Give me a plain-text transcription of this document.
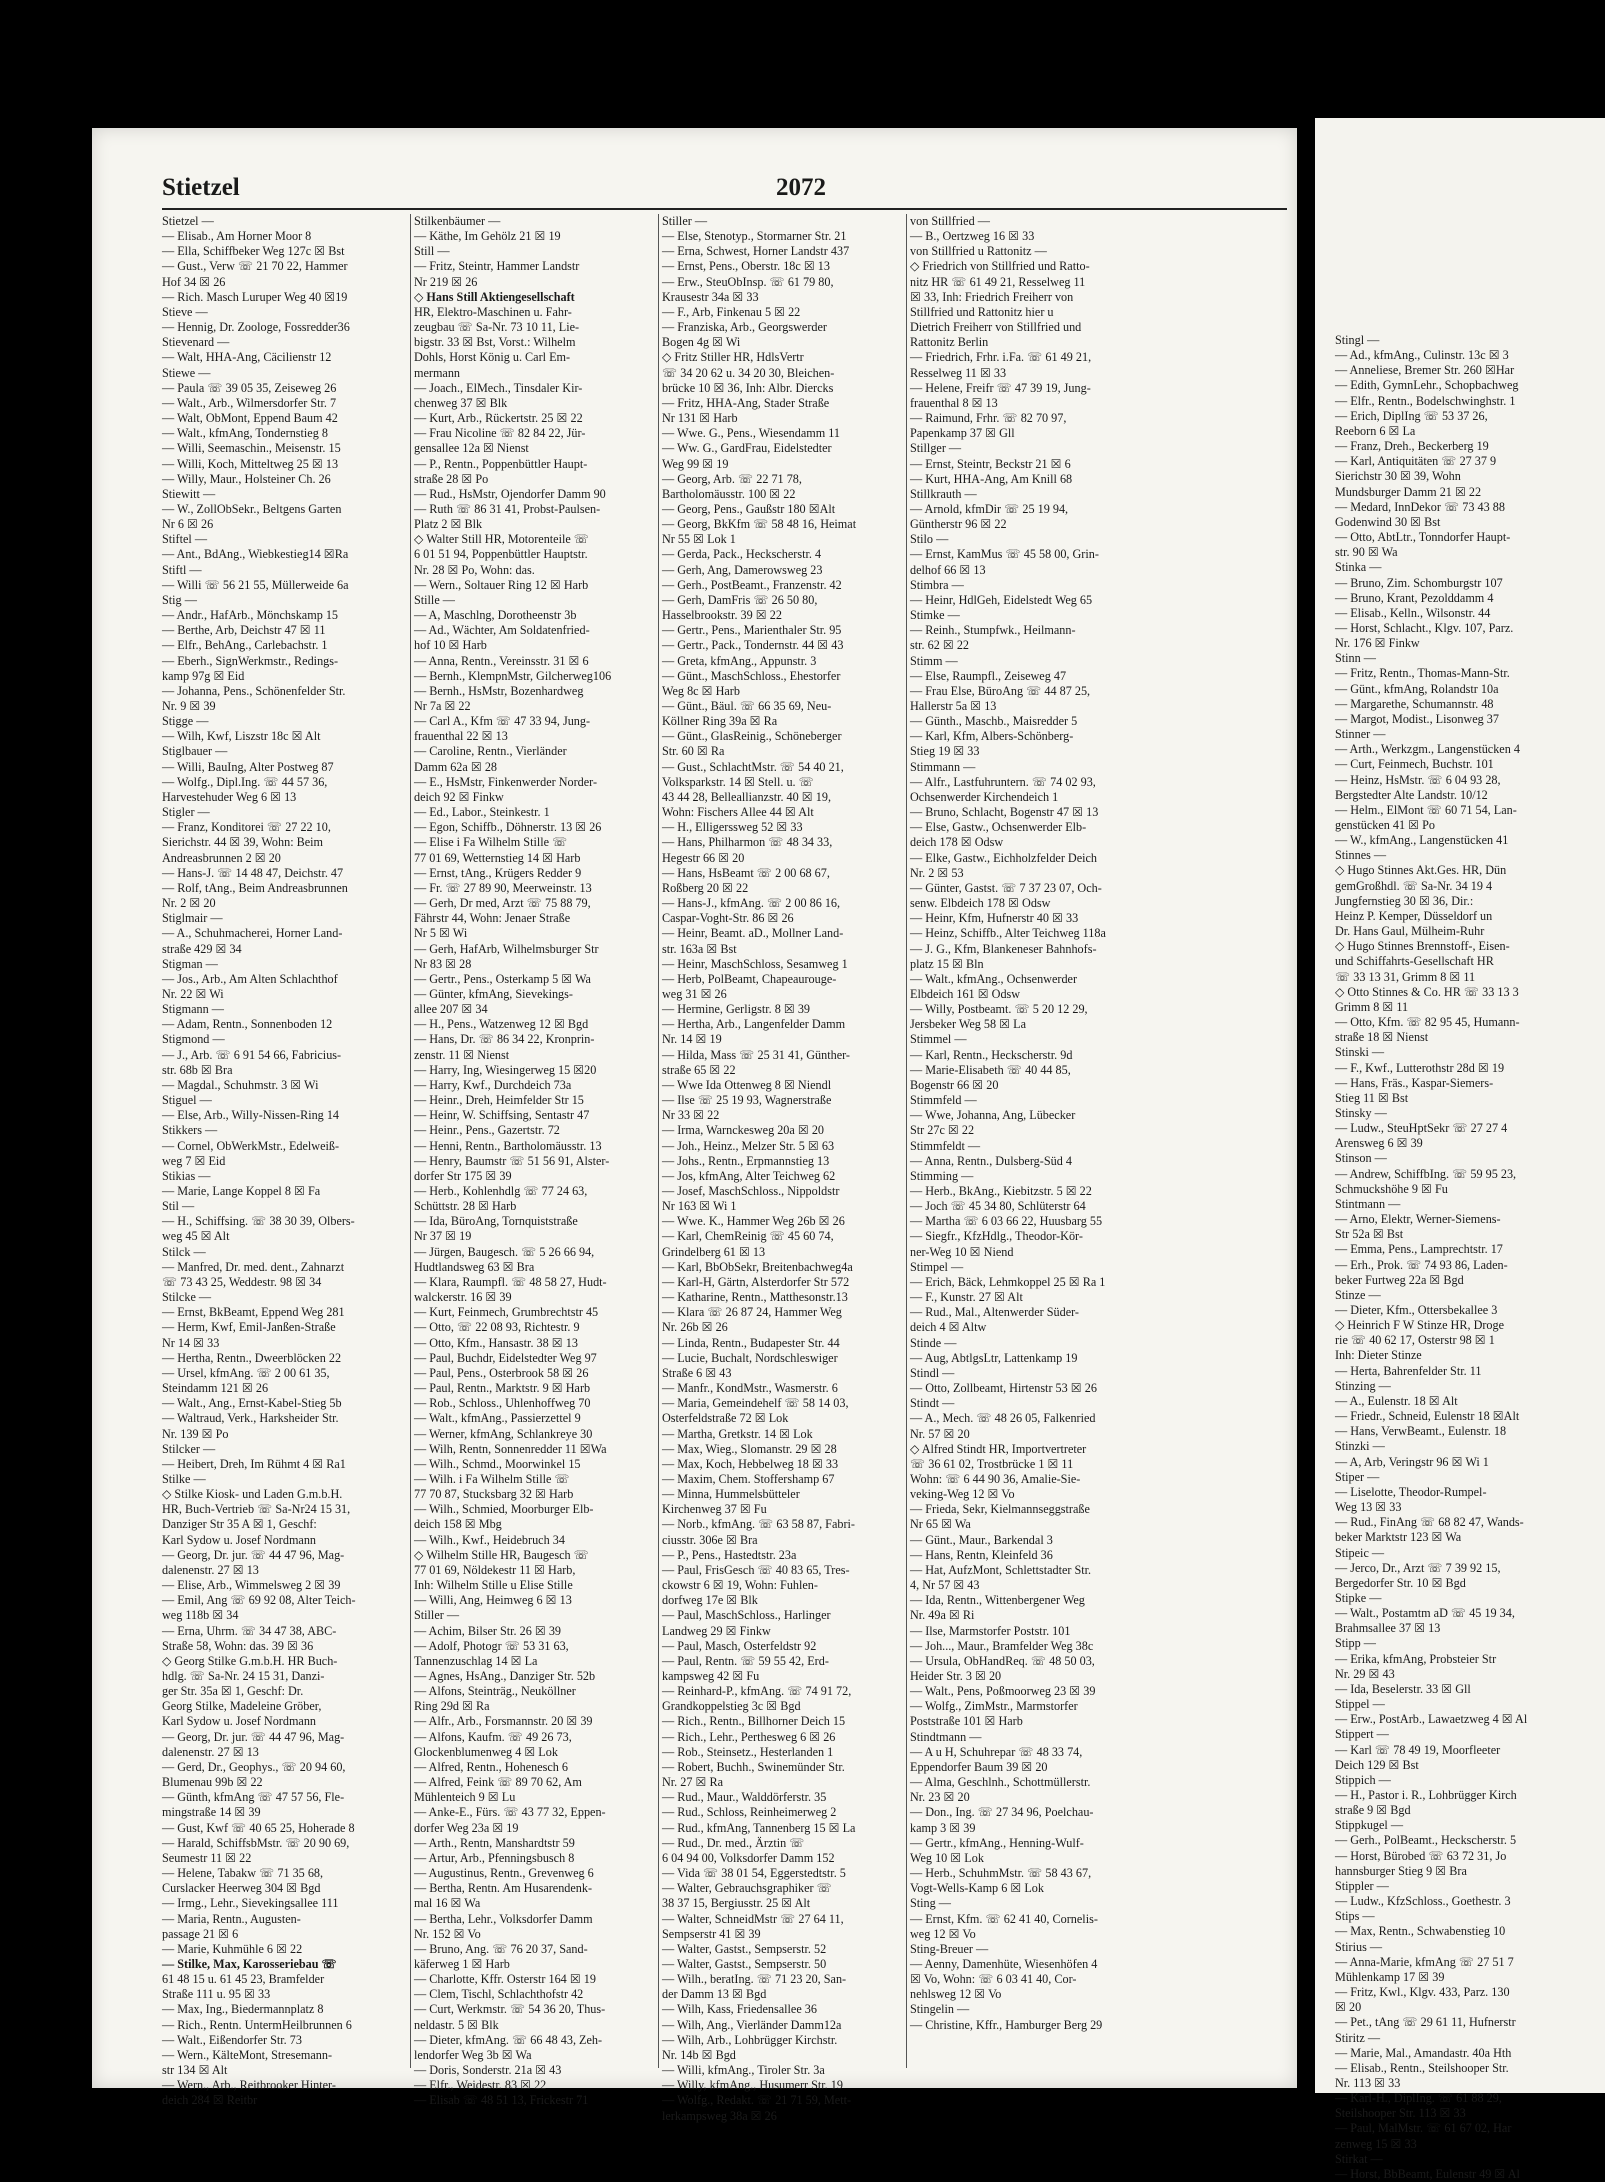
Stietzel	2072
Stietzel —
— Elisab., Am Horner Moor 8
— Ella, Schiffbeker Weg 127c ☒ Bst
— Gust., Verw ☏ 21 70 22, Hammer
Hof 34 ☒ 26
— Rich. Masch Luruper Weg 40 ☒19
Stieve —
— Hennig, Dr. Zoologe, Fossredder36
Stievenard —
— Walt, HHA-Ang, Cäcilienstr 12
Stiewe —
— Paula ☏ 39 05 35, Zeiseweg 26
— Walt., Arb., Wilmersdorfer Str. 7
— Walt, ObMont, Eppend Baum 42
— Walt., kfmAng, Tondernstieg 8
— Willi, Seemaschin., Meisenstr. 15
— Willi, Koch, Mitteltweg 25 ☒ 13
— Willy, Maur., Holsteiner Ch. 26
Stiewitt —
— W., ZollObSekr., Beltgens Garten
Nr 6 ☒ 26
Stiftel —
— Ant., BdAng., Wiebkestieg14 ☒Ra
Stiftl —
— Willi ☏ 56 21 55, Müllerweide 6a
Stig —
— Andr., HafArb., Mönchskamp 15
— Berthe, Arb, Deichstr 47 ☒ 11
— Elfr., BehAng., Carlebachstr. 1
— Eberh., SignWerkmstr., Redings-
kamp 97g ☒ Eid
— Johanna, Pens., Schönenfelder Str.
Nr. 9 ☒ 39
Stigge —
— Wilh, Kwf, Liszstr 18c ☒ Alt
Stiglbauer —
— Willi, BauIng, Alter Postweg 87
— Wolfg., Dipl.Ing. ☏ 44 57 36,
Harvestehuder Weg 6 ☒ 13
Stigler —
— Franz, Konditorei ☏ 27 22 10,
Sierichstr. 44 ☒ 39, Wohn: Beim
Andreasbrunnen 2 ☒ 20
— Hans-J. ☏ 14 48 47, Deichstr. 47
— Rolf, tAng., Beim Andreasbrunnen
Nr. 2 ☒ 20
Stiglmair —
— A., Schuhmacherei, Horner Land-
straße 429 ☒ 34
Stigman —
— Jos., Arb., Am Alten Schlachthof
Nr. 22 ☒ Wi
Stigmann —
— Adam, Rentn., Sonnenboden 12
Stigmond —
— J., Arb. ☏ 6 91 54 66, Fabricius-
str. 68b ☒ Bra
— Magdal., Schuhmstr. 3 ☒ Wi
Stiguel —
— Else, Arb., Willy-Nissen-Ring 14
Stikkers —
— Cornel, ObWerkMstr., Edelweiß-
weg 7 ☒ Eid
Stikias —
— Marie, Lange Koppel 8 ☒ Fa
Stil —
— H., Schiffsing. ☏ 38 30 39, Olbers-
weg 45 ☒ Alt
Stilck —
— Manfred, Dr. med. dent., Zahnarzt
☏ 73 43 25, Weddestr. 98 ☒ 34
Stilcke —
— Ernst, BkBeamt, Eppend Weg 281
— Herm, Kwf, Emil-Janßen-Straße
Nr 14 ☒ 33
— Hertha, Rentn., Dweerblöcken 22
— Ursel, kfmAng. ☏ 2 00 61 35,
Steindamm 121 ☒ 26
— Walt., Ang., Ernst-Kabel-Stieg 5b
— Waltraud, Verk., Harksheider Str.
Nr. 139 ☒ Po
Stilcker —
— Heibert, Dreh, Im Rühmt 4 ☒ Ra1
Stilke —
◇ Stilke Kiosk- und Laden G.m.b.H.
HR, Buch-Vertrieb ☏ Sa-Nr24 15 31,
Danziger Str 35 A ☒ 1, Geschf:
Karl Sydow u. Josef Nordmann
— Georg, Dr. jur. ☏ 44 47 96, Mag-
dalenenstr. 27 ☒ 13
— Elise, Arb., Wimmelsweg 2 ☒ 39
— Emil, Ang ☏ 69 92 08, Alter Teich-
weg 118b ☒ 34
— Erna, Uhrm. ☏ 34 47 38, ABC-
Straße 58, Wohn: das. 39 ☒ 36
◇ Georg Stilke G.m.b.H. HR Buch-
hdlg. ☏ Sa-Nr. 24 15 31, Danzi-
ger Str. 35a ☒ 1, Geschf: Dr.
Georg Stilke, Madeleine Gröber,
Karl Sydow u. Josef Nordmann
— Georg, Dr. jur. ☏ 44 47 96, Mag-
dalenenstr. 27 ☒ 13
— Gerd, Dr., Geophys., ☏ 20 94 60,
Blumenau 99b ☒ 22
— Günth, kfmAng ☏ 47 57 56, Fle-
mingstraße 14 ☒ 39
— Gust, Kwf ☏ 40 65 25, Hoherade 8
— Harald, SchiffsbMstr. ☏ 20 90 69,
Seumestr 11 ☒ 22
— Helene, Tabakw ☏ 71 35 68,
Curslacker Heerweg 304 ☒ Bgd
— Irmg., Lehr., Sievekingsallee 111
— Maria, Rentn., Augusten-
passage 21 ☒ 6
— Marie, Kuhmühle 6 ☒ 22
— Stilke, Max, Karosseriebau ☏
61 48 15 u. 61 45 23, Bramfelder
Straße 111 u. 95 ☒ 33
— Max, Ing., Biedermannplatz 8
— Rich., Rentn. UntermHeilbrunnen 6
— Walt., Eißendorfer Str. 73
— Wern., KälteMont, Stresemann-
str 134 ☒ Alt
— Wern., Arb., Reitbrooker Hinter-
deich 284 ☒ Reitbr
Stilkenbäumer —
— Käthe, Im Gehölz 21 ☒ 19
Still —
— Fritz, Steintr, Hammer Landstr
Nr 219 ☒ 26
◇ Hans Still Aktiengesellschaft
HR, Elektro-Maschinen u. Fahr-
zeugbau ☏ Sa-Nr. 73 10 11, Lie-
bigstr. 33 ☒ Bst, Vorst.: Wilhelm
Dohls, Horst König u. Carl Em-
mermann
— Joach., ElMech., Tinsdaler Kir-
chenweg 37 ☒ Blk
— Kurt, Arb., Rückertstr. 25 ☒ 22
— Frau Nicoline ☏ 82 84 22, Jür-
gensallee 12a ☒ Nienst
— P., Rentn., Poppenbüttler Haupt-
straße 28 ☒ Po
— Rud., HsMstr, Ojendorfer Damm 90
— Ruth ☏ 86 31 41, Probst-Paulsen-
Platz 2 ☒ Blk
◇ Walter Still HR, Motorenteile ☏
6 01 51 94, Poppenbüttler Hauptstr.
Nr. 28 ☒ Po, Wohn: das.
— Wern., Soltauer Ring 12 ☒ Harb
Stille —
— A, Maschlng, Dorotheenstr 3b
— Ad., Wächter, Am Soldatenfried-
hof 10 ☒ Harb
— Anna, Rentn., Vereinsstr. 31 ☒ 6
— Bernh., KlempnMstr, Gilcherweg106
— Bernh., HsMstr, Bozenhardweg
Nr 7a ☒ 22
— Carl A., Kfm ☏ 47 33 94, Jung-
frauenthal 22 ☒ 13
— Caroline, Rentn., Vierländer
Damm 62a ☒ 28
— E., HsMstr, Finkenwerder Norder-
deich 92 ☒ Finkw
— Ed., Labor., Steinkestr. 1
— Egon, Schiffb., Döhnerstr. 13 ☒ 26
— Elise i Fa Wilhelm Stille ☏
77 01 69, Wetternstieg 14 ☒ Harb
— Ernst, tAng., Krügers Redder 9
— Fr. ☏ 27 89 90, Meerweinstr. 13
— Gerh, Dr med, Arzt ☏ 75 88 79,
Fährstr 44, Wohn: Jenaer Straße
Nr 5 ☒ Wi
— Gerh, HafArb, Wilhelmsburger Str
Nr 83 ☒ 28
— Gertr., Pens., Osterkamp 5 ☒ Wa
— Günter, kfmAng, Sievekings-
allee 207 ☒ 34
— H., Pens., Watzenweg 12 ☒ Bgd
— Hans, Dr. ☏ 86 34 22, Kronprin-
zenstr. 11 ☒ Nienst
— Harry, Ing, Wiesingerweg 15 ☒20
— Harry, Kwf., Durchdeich 73a
— Heinr., Dreh, Heimfelder Str 15
— Heinr, W. Schiffsing, Sentastr 47
— Heinr., Pens., Gazertstr. 72
— Henni, Rentn., Bartholomäusstr. 13
— Henry, Baumstr ☏ 51 56 91, Alster-
dorfer Str 175 ☒ 39
— Herb., Kohlenhdlg ☏ 77 24 63,
Schüttstr. 28 ☒ Harb
— Ida, BüroAng, Tornquiststraße
Nr 37 ☒ 19
— Jürgen, Baugesch. ☏ 5 26 66 94,
Hudtlandsweg 63 ☒ Bra
— Klara, Raumpfl. ☏ 48 58 27, Hudt-
walckerstr. 16 ☒ 39
— Kurt, Feinmech, Grumbrechtstr 45
— Otto, ☏ 22 08 93, Richtestr. 9
— Otto, Kfm., Hansastr. 38 ☒ 13
— Paul, Buchdr, Eidelstedter Weg 97
— Paul, Pens., Osterbrook 58 ☒ 26
— Paul, Rentn., Marktstr. 9 ☒ Harb
— Rob., Schloss., Uhlenhoffweg 70
— Walt., kfmAng., Passierzettel 9
— Werner, kfmAng, Schlankreye 30
— Wilh, Rentn, Sonnenredder 11 ☒Wa
— Wilh., Schmd., Moorwinkel 15
— Wilh. i Fa Wilhelm Stille ☏
77 70 87, Stucksbarg 32 ☒ Harb
— Wilh., Schmied, Moorburger Elb-
deich 158 ☒ Mbg
— Wilh., Kwf., Heidebruch 34
◇ Wilhelm Stille HR, Baugesch ☏
77 01 69, Nöldekestr 11 ☒ Harb,
Inh: Wilhelm Stille u Elise Stille
— Willi, Ang, Heimweg 6 ☒ 13
Stiller —
— Achim, Bilser Str. 26 ☒ 39
— Adolf, Photogr ☏ 53 31 63,
Tannenzuschlag 14 ☒ La
— Agnes, HsAng., Danziger Str. 52b
— Alfons, Steinträg., Neuköllner
Ring 29d ☒ Ra
— Alfr., Arb., Forsmannstr. 20 ☒ 39
— Alfons, Kaufm. ☏ 49 26 73,
Glockenblumenweg 4 ☒ Lok
— Alfred, Rentn., Hohenesch 6
— Alfred, Feink ☏ 89 70 62, Am
Mühlenteich 9 ☒ Lu
— Anke-E., Fürs. ☏ 43 77 32, Eppen-
dorfer Weg 23a ☒ 19
— Arth., Rentn, Manshardtstr 59
— Artur, Arb., Pfenningsbusch 8
— Augustinus, Rentn., Grevenweg 6
— Bertha, Rentn. Am Husarendenk-
mal 16 ☒ Wa
— Bertha, Lehr., Volksdorfer Damm
Nr. 152 ☒ Vo
— Bruno, Ang. ☏ 76 20 37, Sand-
käferweg 1 ☒ Harb
— Charlotte, Kffr. Osterstr 164 ☒ 19
— Clem, Tischl, Schlachthofstr 42
— Curt, Werkmstr. ☏ 54 36 20, Thus-
neldastr. 5 ☒ Blk
— Dieter, kfmAng. ☏ 66 48 43, Zeh-
lendorfer Weg 3b ☒ Wa
— Doris, Sonderstr. 21a ☒ 43
— Elfr., Weidestr. 83 ☒ 22
— Elisab ☏ 48 51 13, Frickestr 71
Stiller —
— Else, Stenotyp., Stormarner Str. 21
— Erna, Schwest, Horner Landstr 437
— Ernst, Pens., Oberstr. 18c ☒ 13
— Erw., SteuObInsp. ☏ 61 79 80,
Krausestr 34a ☒ 33
— F., Arb, Finkenau 5 ☒ 22
— Franziska, Arb., Georgswerder
Bogen 4g ☒ Wi
◇ Fritz Stiller HR, HdlsVertr
☏ 34 20 62 u. 34 20 30, Bleichen-
brücke 10 ☒ 36, Inh: Albr. Diercks
— Fritz, HHA-Ang, Stader Straße
Nr 131 ☒ Harb
— Wwe. G., Pens., Wiesendamm 11
— Ww. G., GardFrau, Eidelstedter
Weg 99 ☒ 19
— Georg, Arb. ☏ 22 71 78,
Bartholomäusstr. 100 ☒ 22
— Georg, Pens., Gaußstr 180 ☒Alt
— Georg, BkKfm ☏ 58 48 16, Heimat
Nr 55 ☒ Lok 1
— Gerda, Pack., Heckscherstr. 4
— Gerh, Ang, Damerowsweg 23
— Gerh., PostBeamt., Franzenstr. 42
— Gerh, DamFris ☏ 26 50 80,
Hasselbrookstr. 39 ☒ 22
— Gertr., Pens., Marienthaler Str. 95
— Gertr., Pack., Tondernstr. 44 ☒ 43
— Greta, kfmAng., Appunstr. 3
— Günt., MaschSchloss., Ehestorfer
Weg 8c ☒ Harb
— Günt., Bäul. ☏ 66 35 69, Neu-
Köllner Ring 39a ☒ Ra
— Günt., GlasReinig., Schöneberger
Str. 60 ☒ Ra
— Gust., SchlachtMstr. ☏ 54 40 21,
Volksparkstr. 14 ☒ Stell. u. ☏
43 44 28, Belleallianzstr. 40 ☒ 19,
Wohn: Fischers Allee 44 ☒ Alt
— H., Elligerssweg 52 ☒ 33
— Hans, Philharmon ☏ 48 34 33,
Hegestr 66 ☒ 20
— Hans, HsBeamt ☏ 2 00 68 67,
Roßberg 20 ☒ 22
— Hans-J., kfmAng. ☏ 2 00 86 16,
Caspar-Voght-Str. 86 ☒ 26
— Heinr, Beamt. aD., Mollner Land-
str. 163a ☒ Bst
— Heinr, MaschSchloss, Sesamweg 1
— Herb, PolBeamt, Chapeaurouge-
weg 31 ☒ 26
— Hermine, Gerligstr. 8 ☒ 39
— Hertha, Arb., Langenfelder Damm
Nr. 14 ☒ 19
— Hilda, Mass ☏ 25 31 41, Günther-
straße 65 ☒ 22
— Wwe Ida Ottenweg 8 ☒ Niendl
— Ilse ☏ 25 19 93, Wagnerstraße
Nr 33 ☒ 22
— Irma, Warnckesweg 20a ☒ 20
— Joh., Heinz., Melzer Str. 5 ☒ 63
— Johs., Rentn., Erpmannstieg 13
— Jos, kfmAng, Alter Teichweg 62
— Josef, MaschSchloss., Nippoldstr
Nr 163 ☒ Wi 1
— Wwe. K., Hammer Weg 26b ☒ 26
— Karl, ChemReinig ☏ 45 60 74,
Grindelberg 61 ☒ 13
— Karl, BbObSekr, Breitenbachweg4a
— Karl-H, Gärtn, Alsterdorfer Str 572
— Katharine, Rentn., Matthesonstr.13
— Klara ☏ 26 87 24, Hammer Weg
Nr. 26b ☒ 26
— Linda, Rentn., Budapester Str. 44
— Lucie, Buchalt, Nordschleswiger
Straße 6 ☒ 43
— Manfr., KondMstr., Wasmerstr. 6
— Maria, Gemeindehelf ☏ 58 14 03,
Osterfeldstraße 72 ☒ Lok
— Martha, Gretkstr. 14 ☒ Lok
— Max, Wieg., Slomanstr. 29 ☒ 28
— Max, Koch, Hebbelweg 18 ☒ 33
— Maxim, Chem. Stoffershamp 67
— Minna, Hummelsbütteler
Kirchenweg 37 ☒ Fu
— Norb., kfmAng. ☏ 63 58 87, Fabri-
ciusstr. 306e ☒ Bra
— P., Pens., Hastedtstr. 23a
— Paul, FrisGesch ☏ 40 83 65, Tres-
ckowstr 6 ☒ 19, Wohn: Fuhlen-
dorfweg 17e ☒ Blk
— Paul, MaschSchloss., Harlinger
Landweg 29 ☒ Finkw
— Paul, Masch, Osterfeldstr 92
— Paul, Rentn. ☏ 59 55 42, Erd-
kampsweg 42 ☒ Fu
— Reinhard-P., kfmAng. ☏ 74 91 72,
Grandkoppelstieg 3c ☒ Bgd
— Rich., Rentn., Billhorner Deich 15
— Rich., Lehr., Perthesweg 6 ☒ 26
— Rob., Steinsetz., Hesterlanden 1
— Robert, Buchh., Swinemünder Str.
Nr. 27 ☒ Ra
— Rud., Maur., Walddörferstr. 35
— Rud., Schloss, Reinheimerweg 2
— Rud., kfmAng, Tannenberg 15 ☒ La
— Rud., Dr. med., Ärztin ☏
6 04 94 00, Volksdorfer Damm 152
— Vida ☏ 38 01 54, Eggerstedtstr. 5
— Walter, Gebrauchsgraphiker ☏
38 37 15, Bergiusstr. 25 ☒ Alt
— Walter, SchneidMstr ☏ 27 64 11,
Sempserstr 41 ☒ 39
— Walter, Gastst., Sempserstr. 52
— Walter, Gastst., Sempserstr. 50
— Wilh., beratIng. ☏ 71 23 20, San-
der Damm 13 ☒ Bgd
— Wilh, Kass, Friedensallee 36
— Wilh, Ang., Vierländer Damm12a
— Wilh, Arb., Lohbrügger Kirchstr.
Nr. 14b ☒ Bgd
— Willi, kfmAng., Tiroler Str. 3a
— Willy, kfmAng., Husumerr Str. 19
— Wolfg., Redakt. ☏ 21 71 59, Mett-
lerkampsweg 38a ☒ 26
von Stillfried —
— B., Oertzweg 16 ☒ 33
von Stillfried u Rattonitz —
◇ Friedrich von Stillfried und Ratto-
nitz HR ☏ 61 49 21, Resselweg 11
☒ 33, Inh: Friedrich Freiherr von
Stillfried und Rattonitz hier u
Dietrich Freiherr von Stillfried und
Rattonitz Berlin
— Friedrich, Frhr. i.Fa. ☏ 61 49 21,
Resselweg 11 ☒ 33
— Helene, Freifr ☏ 47 39 19, Jung-
frauenthal 8 ☒ 13
— Raimund, Frhr. ☏ 82 70 97,
Papenkamp 37 ☒ Gll
Stillger —
— Ernst, Steintr, Beckstr 21 ☒ 6
— Kurt, HHA-Ang, Am Knill 68
Stillkrauth —
— Arnold, kfmDir ☏ 25 19 94,
Güntherstr 96 ☒ 22
Stilo —
— Ernst, KamMus ☏ 45 58 00, Grin-
delhof 66 ☒ 13
Stimbra —
— Heinr, HdlGeh, Eidelstedt Weg 65
Stimke —
— Reinh., Stumpfwk., Heilmann-
str. 62 ☒ 22
Stimm —
— Else, Raumpfl., Zeiseweg 47
— Frau Else, BüroAng ☏ 44 87 25,
Hallerstr 5a ☒ 13
— Günth., Maschb., Maisredder 5
— Karl, Kfm, Albers-Schönberg-
Stieg 19 ☒ 33
Stimmann —
— Alfr., Lastfuhruntern. ☏ 74 02 93,
Ochsenwerder Kirchendeich 1
— Bruno, Schlacht, Bogenstr 47 ☒ 13
— Else, Gastw., Ochsenwerder Elb-
deich 178 ☒ Odsw
— Elke, Gastw., Eichholzfelder Deich
Nr. 2 ☒ 53
— Günter, Gastst. ☏ 7 37 23 07, Och-
senw. Elbdeich 178 ☒ Odsw
— Heinr, Kfm, Hufnerstr 40 ☒ 33
— Heinz, Schiffb., Alter Teichweg 118a
— J. G., Kfm, Blankeneser Bahnhofs-
platz 15 ☒ Bln
— Walt., kfmAng., Ochsenwerder
Elbdeich 161 ☒ Odsw
— Willy, Postbeamt. ☏ 5 20 12 29,
Jersbeker Weg 58 ☒ La
Stimmel —
— Karl, Rentn., Heckscherstr. 9d
— Marie-Elisabeth ☏ 40 44 85,
Bogenstr 66 ☒ 20
Stimmfeld —
— Wwe, Johanna, Ang, Lübecker
Str 27c ☒ 22
Stimmfeldt —
— Anna, Rentn., Dulsberg-Süd 4
Stimming —
— Herb., BkAng., Kiebitzstr. 5 ☒ 22
— Joch ☏ 45 34 80, Schlüterstr 64
— Martha ☏ 6 03 66 22, Huusbarg 55
— Siegfr., KfzHdlg., Theodor-Kör-
ner-Weg 10 ☒ Niend
Stimpel —
— Erich, Bäck, Lehmkoppel 25 ☒ Ra 1
— F., Kunstr. 27 ☒ Alt
— Rud., Mal., Altenwerder Süder-
deich 4 ☒ Altw
Stinde —
— Aug, AbtlgsLtr, Lattenkamp 19
Stindl —
— Otto, Zollbeamt, Hirtenstr 53 ☒ 26
Stindt —
— A., Mech. ☏ 48 26 05, Falkenried
Nr. 57 ☒ 20
◇ Alfred Stindt HR, Importvertreter
☏ 36 61 02, Trostbrücke 1 ☒ 11
Wohn: ☏ 6 44 90 36, Amalie-Sie-
veking-Weg 12 ☒ Vo
— Frieda, Sekr, Kielmannseggstraße
Nr 65 ☒ Wa
— Günt., Maur., Barkendal 3
— Hans, Rentn, Kleinfeld 36
— Hat, AufzMont, Schlettstadter Str.
4, Nr 57 ☒ 43
— Ida, Rentn., Wittenbergener Weg
Nr. 49a ☒ Ri
— Ilse, Marmstorfer Poststr. 101
— Joh..., Maur., Bramfelder Weg 38c
— Ursula, ObHandReq. ☏ 48 50 03,
Heider Str. 3 ☒ 20
— Walt., Pens, Poßmoorweg 23 ☒ 39
— Wolfg., ZimMstr., Marmstorfer
Poststraße 101 ☒ Harb
Stindtmann —
— A u H, Schuhrepar ☏ 48 33 74,
Eppendorfer Baum 39 ☒ 20
— Alma, Geschlnh., Schottmüllerstr.
Nr. 23 ☒ 20
— Don., Ing. ☏ 27 34 96, Poelchau-
kamp 3 ☒ 39
— Gertr., kfmAng., Henning-Wulf-
Weg 10 ☒ Lok
— Herb., SchuhmMstr. ☏ 58 43 67,
Vogt-Wells-Kamp 6 ☒ Lok
Sting —
— Ernst, Kfm. ☏ 62 41 40, Cornelis-
weg 12 ☒ Vo
Sting-Breuer —
— Aenny, Damenhüte, Wiesenhöfen 4
☒ Vo, Wohn: ☏ 6 03 41 40, Cor-
nehlsweg 12 ☒ Vo
Stingelin —
— Christine, Kffr., Hamburger Berg 29
Stingl —
— Ad., kfmAng., Culinstr. 13c ☒ 3
— Anneliese, Bremer Str. 260 ☒Har
— Edith, GymnLehr., Schopbachweg
— Elfr., Rentn., Bodelschwinghstr. 1
— Erich, DiplIng ☏ 53 37 26,
Reeborn 6 ☒ La
— Franz, Dreh., Beckerberg 19
— Karl, Antiquitäten ☏ 27 37 9
Sierichstr 30 ☒ 39, Wohn
Mundsburger Damm 21 ☒ 22
— Medard, InnDekor ☏ 73 43 88
Godenwind 30 ☒ Bst
— Otto, AbtLtr., Tonndorfer Haupt-
str. 90 ☒ Wa
Stinka —
— Bruno, Zim. Schomburgstr 107
— Bruno, Krant, Pezolddamm 4
— Elisab., Kelln., Wilsonstr. 44
— Horst, Schlacht., Klgv. 107, Parz.
Nr. 176 ☒ Finkw
Stinn —
— Fritz, Rentn., Thomas-Mann-Str.
— Günt., kfmAng, Rolandstr 10a
— Margarethe, Schumannstr. 48
— Margot, Modist., Lisonweg 37
Stinner —
— Arth., Werkzgm., Langenstücken 4
— Curt, Feinmech, Buchstr. 101
— Heinz, HsMstr. ☏ 6 04 93 28,
Bergstedter Alte Landstr. 10/12
— Helm., ElMont ☏ 60 71 54, Lan-
genstücken 41 ☒ Po
— W., kfmAng., Langenstücken 41
Stinnes —
◇ Hugo Stinnes Akt.Ges. HR, Dün
gemGroßhdl. ☏ Sa-Nr. 34 19 4
Jungfernstieg 30 ☒ 36, Dir.:
Heinz P. Kemper, Düsseldorf un
Dr. Hans Gaul, Mülheim-Ruhr
◇ Hugo Stinnes Brennstoff-, Eisen-
und Schiffahrts-Gesellschaft HR
☏ 33 13 31, Grimm 8 ☒ 11
◇ Otto Stinnes & Co. HR ☏ 33 13 3
Grimm 8 ☒ 11
— Otto, Kfm. ☏ 82 95 45, Humann-
straße 18 ☒ Nienst
Stinski —
— F., Kwf., Lutterothstr 28d ☒ 19
— Hans, Fräs., Kaspar-Siemers-
Stieg 11 ☒ Bst
Stinsky —
— Ludw., SteuHptSekr ☏ 27 27 4
Arensweg 6 ☒ 39
Stinson —
— Andrew, SchiffbIng. ☏ 59 95 23,
Schmuckshöhe 9 ☒ Fu
Stintmann —
— Arno, Elektr, Werner-Siemens-
Str 52a ☒ Bst
— Emma, Pens., Lamprechtstr. 17
— Erh., Prok. ☏ 74 93 86, Laden-
beker Furtweg 22a ☒ Bgd
Stinze —
— Dieter, Kfm., Ottersbekallee 3
◇ Heinrich F W Stinze HR, Droge
rie ☏ 40 62 17, Osterstr 98 ☒ 1
Inh: Dieter Stinze
— Herta, Bahrenfelder Str. 11
Stinzing —
— A., Eulenstr. 18 ☒ Alt
— Friedr., Schneid, Eulenstr 18 ☒Alt
— Hans, VerwBeamt., Eulenstr. 18
Stinzki —
— A, Arb, Veringstr 96 ☒ Wi 1
Stiper —
— Liselotte, Theodor-Rumpel-
Weg 13 ☒ 33
— Rud., FinAng ☏ 68 82 47, Wands-
beker Marktstr 123 ☒ Wa
Stipeic —
— Jerco, Dr., Arzt ☏ 7 39 92 15,
Bergedorfer Str. 10 ☒ Bgd
Stipke —
— Walt., Postamtm aD ☏ 45 19 34,
Brahmsallee 37 ☒ 13
Stipp —
— Erika, kfmAng, Probsteier Str
Nr. 29 ☒ 43
— Ida, Beselerstr. 33 ☒ Gll
Stippel —
— Erw., PostArb., Lawaetzweg 4 ☒ Al
Stippert —
— Karl ☏ 78 49 19, Moorfleeter
Deich 129 ☒ Bst
Stippich —
— H., Pastor i. R., Lohbrügger Kirch
straße 9 ☒ Bgd
Stippkugel —
— Gerh., PolBeamt., Heckscherstr. 5
— Horst, Bürobed ☏ 63 72 31, Jo
hannsburger Stieg 9 ☒ Bra
Stippler —
— Ludw., KfzSchloss., Goethestr. 3
Stips —
— Max, Rentn., Schwabenstieg 10
Stirius —
— Anna-Marie, kfmAng ☏ 27 51 7
Mühlenkamp 17 ☒ 39
— Fritz, Kwl., Klgv. 433, Parz. 130
☒ 20
— Pet., tAng ☏ 29 61 11, Hufnerstr
Stiritz —
— Marie, Mal., Amandastr. 40a Hth
— Elisab., Rentn., Steilshooper Str.
Nr. 113 ☒ 33
— Karl-H., DiplIng. ☏ 61 88 29,
Steilshooper Str. 113 ☒ 33
— Paul, MalMstr. ☏ 61 67 02, Har
zenweg 15 ☒ 33
Stirkat —
— Horst, BbBeamt, Eulenstr 49 ☒ Al
